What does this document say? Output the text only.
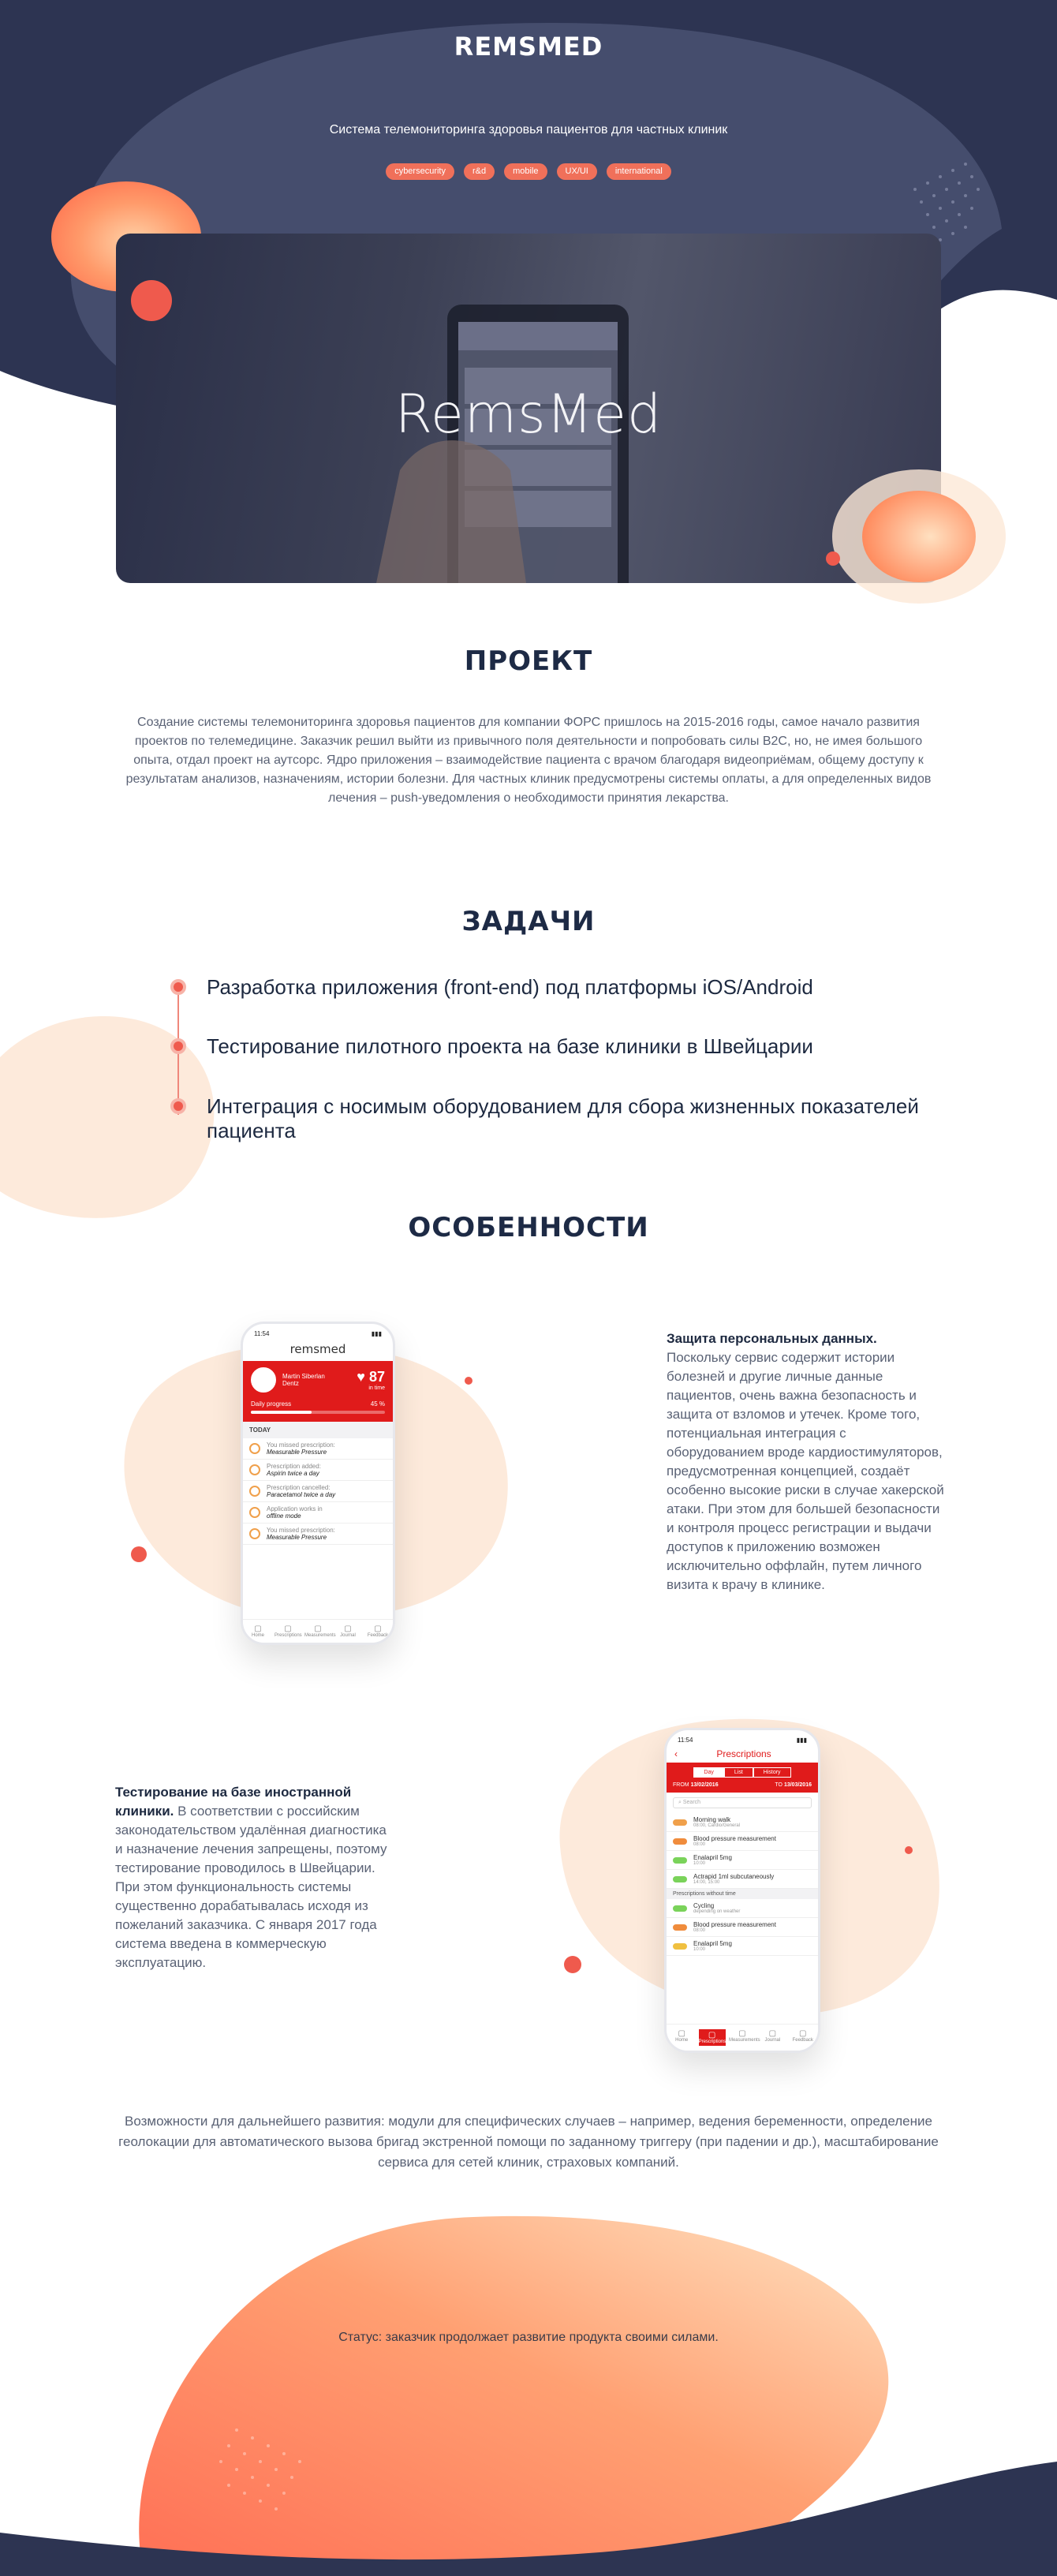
REMSMED
Система телемониторинга здоровья пациентов для частных клиник
cybersecurity	r&d	mobile	UX/UI	international
RemsMed
ПРОЕКТ
Создание системы телемониторинга здоровья пациентов для компании ФОРС пришлось на 2015-2016 годы, самое начало развития проектов по телемедицине. Заказчик решил выйти из привычного поля деятельности и попробовать силы B2C, но, не имея большого опыта, отдал проект на аутсорс. Ядро приложения – взаимодействие пациента с врачом благодаря видеоприёмам, общему доступу к результатам анализов, назначениям, истории болезни. Для частных клиник предусмотрены системы оплаты, а для определенных видов лечения – push-уведомления о необходимости принятия лекарства.
ЗАДАЧИ
Разработка приложения (front-end) под платформы iOS/Android
Тестирование пилотного проекта на базе клиники в Швейцарии
Интеграция с носимым оборудованием для сбора жизненных показателей пациента
ОСОБЕННОСТИ
11:54	▮▮▮
remsmed
Martin Siberlan Dentz	♥ 87
in time
Daily progress	45 %
TODAY
You missed prescription:
Measurable Pressure
Prescription added:
Aspirin twice a day
Prescription cancelled:
Paracetamol twice a day
Application works in
offline mode
You missed prescription:
Measurable Pressure
▢
Home
▢
Prescriptions
▢
Measurements
▢
Journal
▢
Feedback
Защита персональных данных.
Поскольку сервис содержит истории болезней и другие личные данные пациентов, очень важна безопасность и защита от взломов и утечек. Кроме того, потенциальная интеграция с оборудованием вроде кардиостимуляторов, предусмотренная концепцией, создаёт особенно высокие риски в случае хакерской атаки. При этом для большей безопасности и контроля процесс регистрации и выдачи доступов к приложению возможен исключительно оффлайн, путем личного визита к врачу в клинике.
Тестирование на базе иностранной клиники. В соответствии с российским законодательством удалённая диагностика и назначение лечения запрещены, поэтому тестирование проводилось в Швейцарии. При этом функциональность системы существенно дорабатывалась исходя из пожеланий заказчика. С января 2017 года система введена в коммерческую эксплуатацию.
11:54	▮▮▮
‹	Prescriptions
Day	List	History
FROM 13/02/2016	TO 13/03/2016
⌕ Search
Morning walk
08:00, Cardio/General
Blood pressure measurement
08:00
Enalapril 5mg
10:00
Actrapid 1ml subcutaneously
14:00, 15:00
Prescriptions without time
Cycling
depending on weather
Blood pressure measurement
08:00
Enalapril 5mg
10:00
▢
Home
▢
Prescriptions
▢
Measurements
▢
Journal
▢
Feedback
Возможности для дальнейшего развития: модули для специфических случаев – например, ведения беременности, определение геолокации для автоматического вызова бригад экстренной помощи по заданному триггеру (при падении и др.), масштабирование сервиса для сетей клиник, страховых компаний.
Статус: заказчик продолжает развитие продукта своими силами.
